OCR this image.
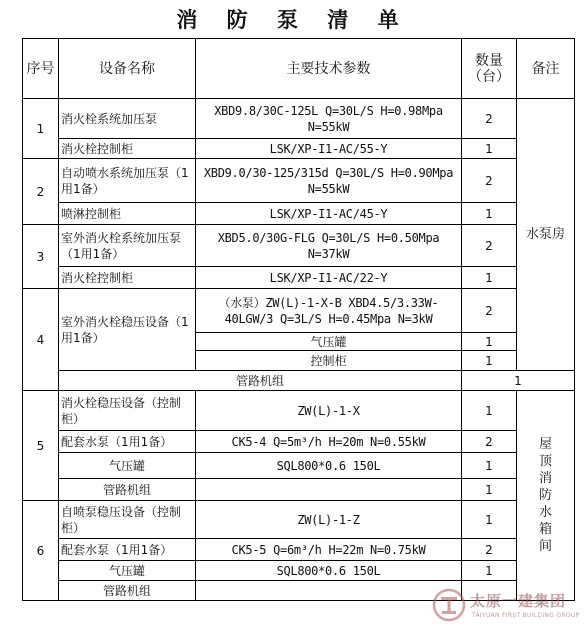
消 防 泵 清 单
序号	设备名称	主要技术参数	数量（台）	备注
1	消火栓系统加压泵	XBD9.8/30C-125L Q=30L/S H=0.98Mpa N=55kW	2	水泵房

	消火栓控制柜	LSK/XP-I1-AC/55-Y	1	
2	自动喷水系统加压泵（1用1备）	XBD9.0/30-125/315d Q=30L/S H=0.90Mpa N=55kW	2	
	喷淋控制柜	LSK/XP-I1-AC/45-Y	1	
3	室外消火栓系统加压泵（1用1备）	XBD5.0/30G-FLG Q=30L/S H=0.50Mpa N=37kW	2	
	消火栓控制柜	LSK/XP-I1-AC/22-Y	1	
4	室外消火栓稳压设备（1用1备）	（水泵）ZW(L)-1-X-B XBD4.5/3.33W-40LGW/3 Q=3L/S H=0.45Mpa N=3kW	2	
		气压罐	1	
		控制柜	1	
	管路机组		1	
5	消火栓稳压设备（控制柜）	ZW(L)-1-X	1	屋顶消防水箱间

	配套水泵（1用1备）	CK5-4 Q=5m³/h H=20m N=0.55kW	2	
	气压罐	SQL800*0.6 150L	1	
	管路机组		1	
6	自喷泵稳压设备（控制柜）	ZW(L)-1-Z	1	
	配套水泵（1用1备）	CK5-5 Q=6m³/h H=22m N=0.75kW	2	
	气压罐	SQL800*0.6 150L	1	
	管路机组			
太原一建集团
TAIYUAN FIRST BUILDING GROUP
